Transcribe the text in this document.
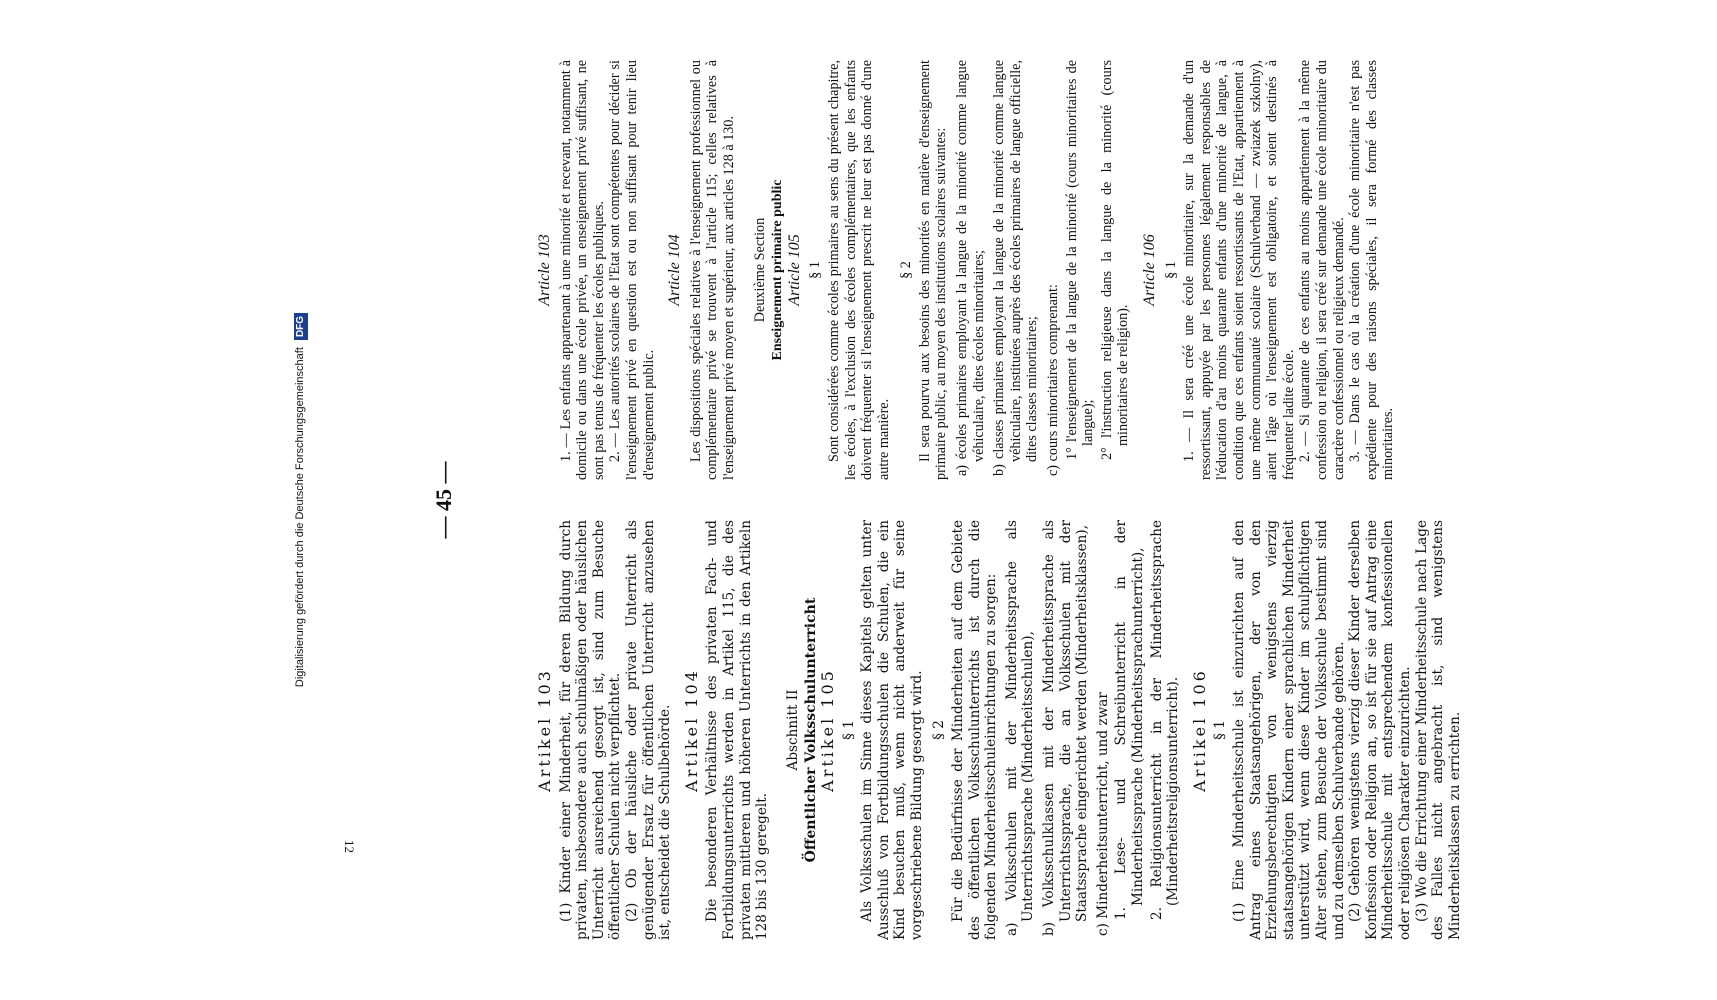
— 45 —
Article 103 1. — Les enfants appartenant à une minorité et recevant, notamment à domicile ou dans une école privée, un enseignement privé suffisant, ne sont pas tenus de fréquenter les écoles publiques. 2. — Les autorités scolaires de l'Etat sont compétentes pour décider si l'enseignement privé en question est ou non suffisant pour tenir lieu d'enseignement public.

Article 104 Les dispositions spéciales relatives à l'enseignement professionnel ou complémentaire privé se trouvent à l'article 115; celles relatives à l'enseignement privé moyen et supérieur, aux articles 128 à 130. Deuxième Section Enseignement primaire public Article 105 § 1 Sont considérées comme écoles primaires au sens du présent chapitre, les écoles, à l'exclusion des écoles complémentaires, que les enfants doivent fréquenter si l'enseignement prescrit ne leur est pas donné d'une autre manière.

§ 2 Il sera pourvu aux besoins des minorités en matière d'enseignement primaire public, au moyen des institutions scolaires suivantes: a) écoles primaires employant la langue de la minorité comme langue véhiculaire, dites écoles minoritaires; b) classes primaires employant la langue de la minorité comme langue véhiculaire, instituées auprès des écoles primaires de langue officielle, dites classes minoritaires; c) cours minoritaires comprenant: 1° l'enseignement de la langue de la minorité (cours minoritaires de langue); 2° l'instruction religieuse dans la langue de la minorité (cours minoritaires de religion).
Article 106 § 1 1. — Il sera créé une école minoritaire, sur la demande d'un ressortissant, appuyée par les personnes légalement responsables de l'éducation d'au moins quarante enfants d'une minorité de langue, à condition que ces enfants soient ressortissants de l'Etat, appartiennent à une même communauté scolaire (Schulverband — zwiazek szkolny), aient l'âge où l'enseignement est obligatoire, et soient destinés à fréquenter ladite école. 2. — Si quarante de ces enfants au moins appartiennent à la même confession ou religion, il sera créé sur demande une école minoritaire du caractère confessionnel ou religieux demandé. 3. — Dans le cas où la création d'une école minoritaire n'est pas expédiente pour des raisons spéciales, il sera formé des classes minoritaires.

Artikel 103 (1) Kinder einer Minderheit, für deren Bildung durch privaten, insbesondere auch schulmäßigen oder häuslichen Unterricht ausreichend gesorgt ist, sind zum Besuche öffentlicher Schulen nicht verpflichtet. (2) Ob der häusliche oder private Unterricht als genügender Ersatz für öffentlichen Unterricht anzusehen ist, entscheidet die Schulbehörde. Artikel 104 Die besonderen Verhältnisse des privaten Fach- und Fortbildungsunterrichts werden in Artikel 115, die des privaten mittleren und höheren Unterrichts in den Artikeln 128 bis 130 geregelt.

Abschnitt II Öffentlicher Volksschulunterricht
Artikel 105 § 1 Als Volksschulen im Sinne dieses Kapitels gelten unter Ausschluß von Fortbildungsschulen die Schulen, die ein Kind besuchen muß, wenn nicht anderweit für seine vorgeschriebene Bildung gesorgt wird. § 2 Für die Bedürfnisse der Minderheiten auf dem Gebiete des öffentlichen Volksschulunterrichts ist durch die folgenden Minderheitsschuleinrichtungen zu sorgen: a) Volksschulen mit der Minderheitssprache als Unterrichtssprache (Minderheitsschulen), b) Volksschulklassen mit der Minderheitssprache als Unterrichtssprache, die an Volksschulen mit der Staatssprache eingerichtet werden (Minderheitsklassen), c) Minderheitsunterricht, und zwar 1. Lese- und Schreibunterricht in der Minderheitssprache (Minderheitssprachunterricht), 2. Religionsunterricht in der Minderheitssprache (Minderheitsreligionsunterricht). Artikel 106 § 1 (1) Eine Minderheitsschule ist einzurichten auf den Antrag eines Staatsangehörigen, der von den Erziehungsberechtigten von wenigstens vierzig staatsangehörigen Kindern einer sprachlichen Minderheit unterstützt wird, wenn diese Kinder im schulpflichtigen Alter stehen, zum Besuche der Volksschule bestimmt sind und zu demselben Schulverbande gehören. (2) Gehören wenigstens vierzig dieser Kinder derselben Konfession oder Religion an, so ist für sie auf Antrag eine Minderheitsschule mit entsprechendem konfessionellen oder religiösen Charakter einzurichten. (3) Wo die Errichtung einer Minderheitsschule nach Lage des Falles nicht angebracht ist, sind wenigstens Minderheitsklassen zu errichten.

12
Digitalisierung gefördert durch die Deutsche Forschungsgemeinschaft DFG
